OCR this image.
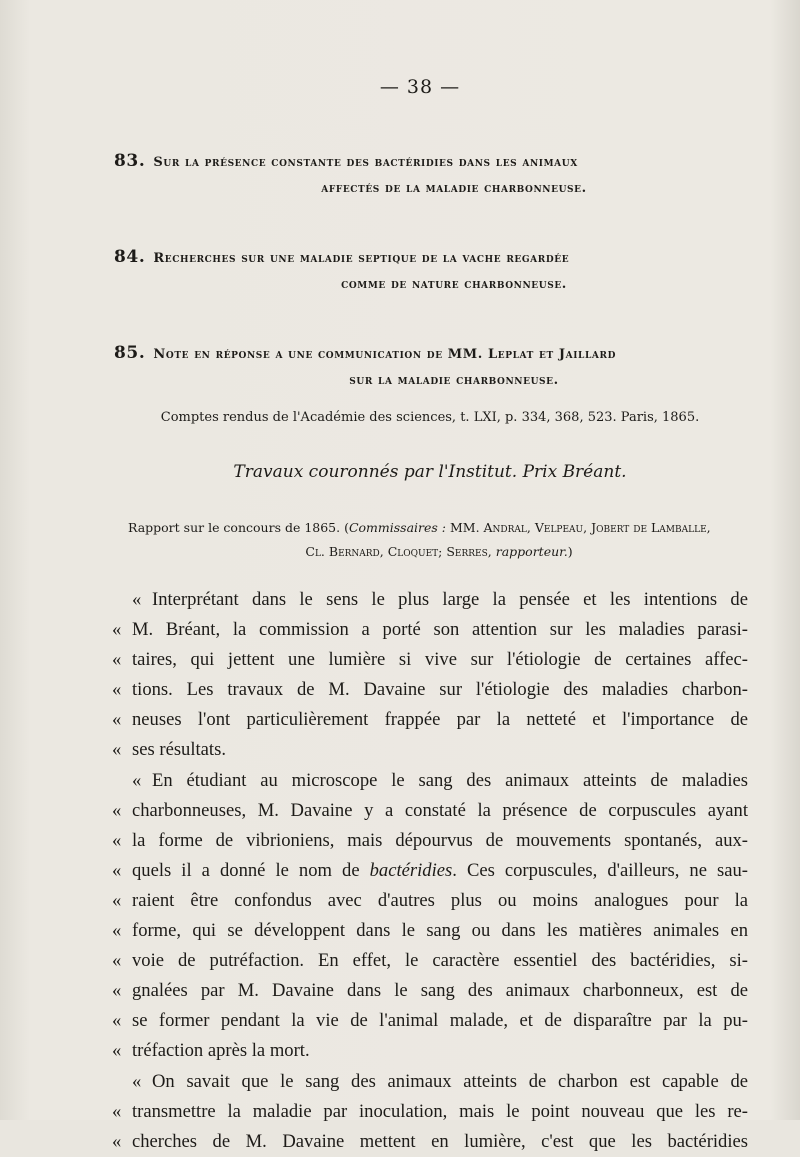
— 38 —
83. Sur la présence constante des bactéridies dans les animaux
affectés de la maladie charbonneuse.
84. Recherches sur une maladie septique de la vache regardée
comme de nature charbonneuse.
85. Note en réponse a une communication de MM. Leplat et Jaillard
sur la maladie charbonneuse.
Comptes rendus de l'Académie des sciences, t. LXI, p. 334, 368, 523. Paris, 1865.
Travaux couronnés par l'Institut. Prix Bréant.
Rapport sur le concours de 1865. (Commissaires : MM. Andral, Velpeau, Jobert de Lamballe,
Cl. Bernard, Cloquet; Serres, rapporteur.)
« Interprétant dans le sens le plus large la pensée et les intentions de
« M. Bréant, la commission a porté son attention sur les maladies parasi-
« taires, qui jettent une lumière si vive sur l'étiologie de certaines affec-
« tions. Les travaux de M. Davaine sur l'étiologie des maladies charbon-
« neuses l'ont particulièrement frappée par la netteté et l'importance de
« ses résultats.
« En étudiant au microscope le sang des animaux atteints de maladies
« charbonneuses, M. Davaine y a constaté la présence de corpuscules ayant
« la forme de vibrioniens, mais dépourvus de mouvements spontanés, aux-
« quels il a donné le nom de bactéridies. Ces corpuscules, d'ailleurs, ne sau-
« raient être confondus avec d'autres plus ou moins analogues pour la
« forme, qui se développent dans le sang ou dans les matières animales en
« voie de putréfaction. En effet, le caractère essentiel des bactéridies, si-
« gnalées par M. Davaine dans le sang des animaux charbonneux, est de
« se former pendant la vie de l'animal malade, et de disparaître par la pu-
« tréfaction après la mort.
« On savait que le sang des animaux atteints de charbon est capable de
« transmettre la maladie par inoculation, mais le point nouveau que les re-
« cherches de M. Davaine mettent en lumière, c'est que les bactéridies
